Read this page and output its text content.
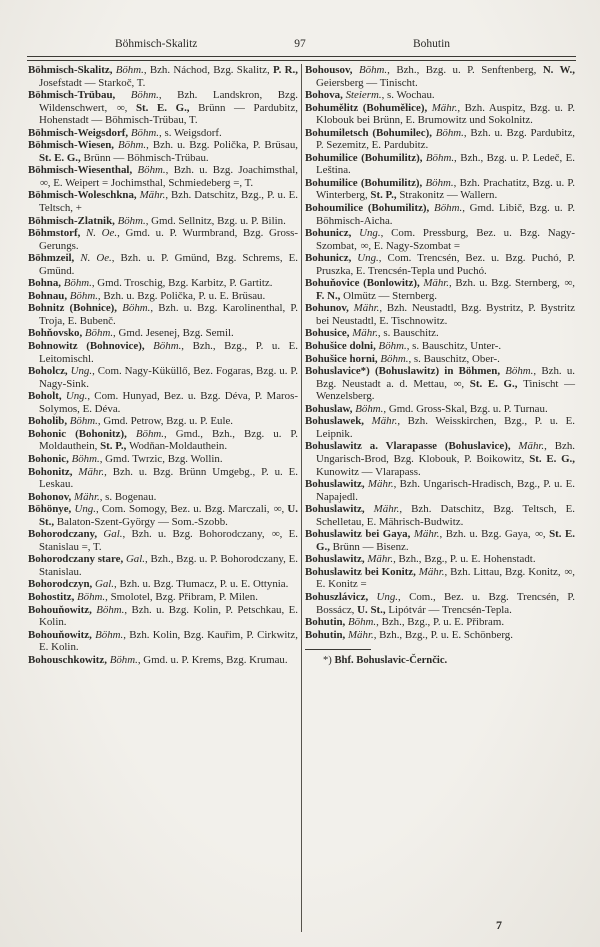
Böhmisch-Skalitz	97	Bohutin
Böhmisch-Skalitz, Böhm., Bzh. Náchod, Bzg. Skalitz, P. R., Josefstadt — Starkoč, T.
Böhmisch-Trübau, Böhm., Bzh. Landskron, Bzg. Wildenschwert, ∞, St. E. G., Brünn — Pardubitz, Hohenstadt — Böhmisch-Trübau, T.
Böhmisch-Weigsdorf, Böhm., s. Weigsdorf.
Böhmisch-Wiesen, Böhm., Bzh. u. Bzg. Polička, P. Brüsau, St. E. G., Brünn — Böhmisch-Trübau.
Böhmisch-Wiesenthal, Böhm., Bzh. u. Bzg. Joachimsthal, ∞, E. Weipert = Jochimsthal, Schmiedeberg =, T.
Böhmisch-Woleschkna, Mähr., Bzh. Datschitz, Bzg., P. u. E. Teltsch, +
Böhmisch-Zlatnik, Böhm., Gmd. Sellnitz, Bzg. u. P. Bilin.
Böhmstorf, N. Oe., Gmd. u. P. Wurmbrand, Bzg. Gross-Gerungs.
Böhmzeil, N. Oe., Bzh. u. P. Gmünd, Bzg. Schrems, E. Gmünd.
Bohna, Böhm., Gmd. Troschig, Bzg. Karbitz, P. Gartitz.
Bohnau, Böhm., Bzh. u. Bzg. Polička, P. u. E. Brüsau.
Bohnitz (Bohnice), Böhm., Bzh. u. Bzg. Karolinenthal, P. Troja, E. Bubenč.
Bohňovsko, Böhm., Gmd. Jesenej, Bzg. Semil.
Bohnowitz (Bohnovice), Böhm., Bzh., Bzg., P. u. E. Leitomischl.
Boholcz, Ung., Com. Nagy-Küküllő, Bez. Fogaras, Bzg. u. P. Nagy-Sink.
Boholt, Ung., Com. Hunyad, Bez. u. Bzg. Déva, P. Maros-Solymos, E. Déva.
Boholib, Böhm., Gmd. Petrow, Bzg. u. P. Eule.
Bohonic (Bohonitz), Böhm., Gmd., Bzh., Bzg. u. P. Moldauthein, St. P., Wodňan-Moldauthein.
Bohonic, Böhm., Gmd. Twrzic, Bzg. Wollin.
Bohonitz, Mähr., Bzh. u. Bzg. Brünn Umgebg., P. u. E. Leskau.
Bohonov, Mähr., s. Bogenau.
Böhönye, Ung., Com. Somogy, Bez. u. Bzg. Marczali, ∞, U. St., Balaton-Szent-György — Som.-Szobb.
Bohorodczany, Gal., Bzh. u. Bzg. Bohorodczany, ∞, E. Stanislau =, T.
Bohorodczany stare, Gal., Bzh., Bzg. u. P. Bohorodczany, E. Stanislau.
Bohorodczyn, Gal., Bzh. u. Bzg. Tłumacz, P. u. E. Ottynia.
Bohostitz, Böhm., Smolotel, Bzg. Přibram, P. Milen.
Bohouňowitz, Böhm., Bzh. u. Bzg. Kolin, P. Petschkau, E. Kolin.
Bohouňowitz, Böhm., Bzh. Kolin, Bzg. Kauřim, P. Cirkwitz, E. Kolin.
Bohouschkowitz, Böhm., Gmd. u. P. Krems, Bzg. Krumau.
Bohousov, Böhm., Bzh., Bzg. u. P. Senftenberg, N. W., Geiersberg — Tinischt.
Bohova, Steierm., s. Wochau.
Bohumělitz (Bohumělice), Mähr., Bzh. Auspitz, Bzg. u. P. Klobouk bei Brünn, E. Brumowitz und Sokolnitz.
Bohumiletsch (Bohumilec), Böhm., Bzh. u. Bzg. Pardubitz, P. Sezemitz, E. Pardubitz.
Bohumilice (Bohumilitz), Böhm., Bzh., Bzg. u. P. Ledeč, E. Leština.
Bohumilice (Bohumilitz), Böhm., Bzh. Prachatitz, Bzg. u. P. Winterberg, St. P., Strakonitz — Wallern.
Bohoumilice (Bohumilitz), Böhm., Gmd. Libič, Bzg. u. P. Böhmisch-Aicha.
Bohunicz, Ung., Com. Pressburg, Bez. u. Bzg. Nagy-Szombat, ∞, E. Nagy-Szombat =
Bohunicz, Ung., Com. Trencsén, Bez. u. Bzg. Puchó, P. Pruszka, E. Trencsén-Tepla und Puchó.
Bohuňovice (Bonlowitz), Mähr., Bzh. u. Bzg. Sternberg, ∞, F. N., Olmütz — Sternberg.
Bohunov, Mähr., Bzh. Neustadtl, Bzg. Bystritz, P. Bystritz bei Neustadtl, E. Tischnowitz.
Bohusice, Mähr., s. Bauschitz.
Bohušice dolni, Böhm., s. Bauschitz, Unter-.
Bohušice horni, Böhm., s. Bauschitz, Ober-.
Bohuslavice*) (Bohuslawitz) in Böhmen, Böhm., Bzh. u. Bzg. Neustadt a. d. Mettau, ∞, St. E. G., Tinischt — Wenzelsberg.
Bohuslaw, Böhm., Gmd. Gross-Skal, Bzg. u. P. Turnau.
Bohuslawek, Mähr., Bzh. Weisskirchen, Bzg., P. u. E. Leipnik.
Bohuslawitz a. Vlarapasse (Bohuslavice), Mähr., Bzh. Ungarisch-Brod, Bzg. Klobouk, P. Boikowitz, St. E. G., Kunowitz — Vlarapass.
Bohuslawitz, Mähr., Bzh. Ungarisch-Hradisch, Bzg., P. u. E. Napajedl.
Bohuslawitz, Mähr., Bzh. Datschitz, Bzg. Teltsch, E. Schelletau, E. Mährisch-Budwitz.
Bohuslawitz bei Gaya, Mähr., Bzh. u. Bzg. Gaya, ∞, St. E. G., Brünn — Bisenz.
Bohuslawitz, Mähr., Bzh., Bzg., P. u. E. Hohenstadt.
Bohuslawitz bei Konitz, Mähr., Bzh. Littau, Bzg. Konitz, ∞, E. Konitz =
Bohuszlávicz, Ung., Com., Bez. u. Bzg. Trencsén, P. Bossácz, U. St., Lipótvár — Trencsén-Tepla.
Bohutin, Böhm., Bzh., Bzg., P. u. E. Přibram.
Bohutin, Mähr., Bzh., Bzg., P. u. E. Schönberg.
*) Bhf. Bohuslavic-Černčic.
7
